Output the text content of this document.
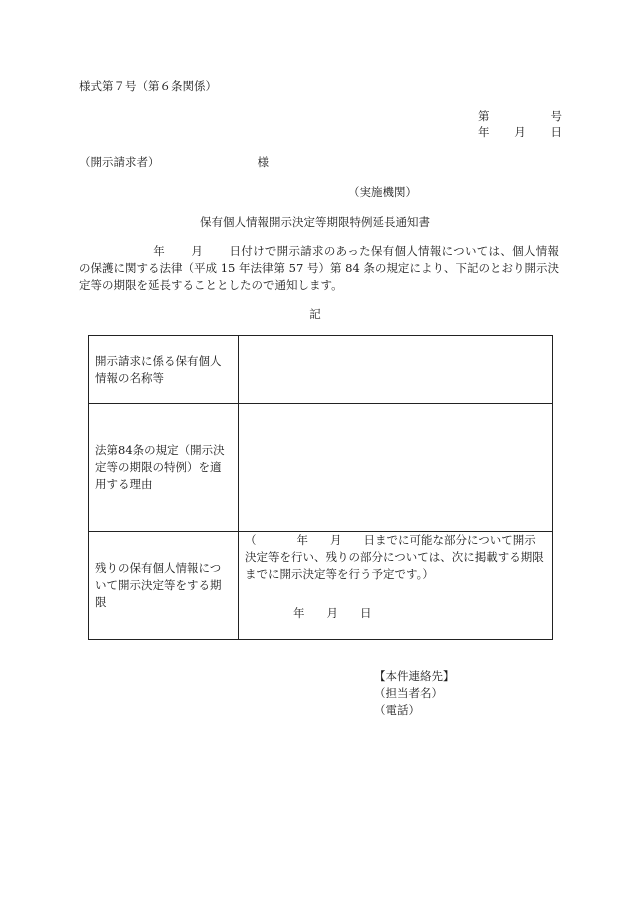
様式第７号（第６条関係）
第	号
年 月 日
（開示請求者）	様
（実施機関）
保有個人情報開示決定等期限特例延長通知書
年 月 日付けで開示請求のあった保有個人情報については、個人情報の保護に関する法律（平成 15 年法律第 57 号）第 84 条の規定により、下記のとおり開示決定等の期限を延長することとしたので通知します。
記
開示請求に係る保有個人情報の名称等	
法第84条の規定（開示決定等の期限の特例）を適用する理由	
残りの保有個人情報について開示決定等をする期限	（ 年 月 日までに可能な部分について開示決定等を行い、残りの部分については、次に掲載する期限までに開示決定等を行う予定です。）
年 月 日
【本件連絡先】
（担当者名）
（電話）
